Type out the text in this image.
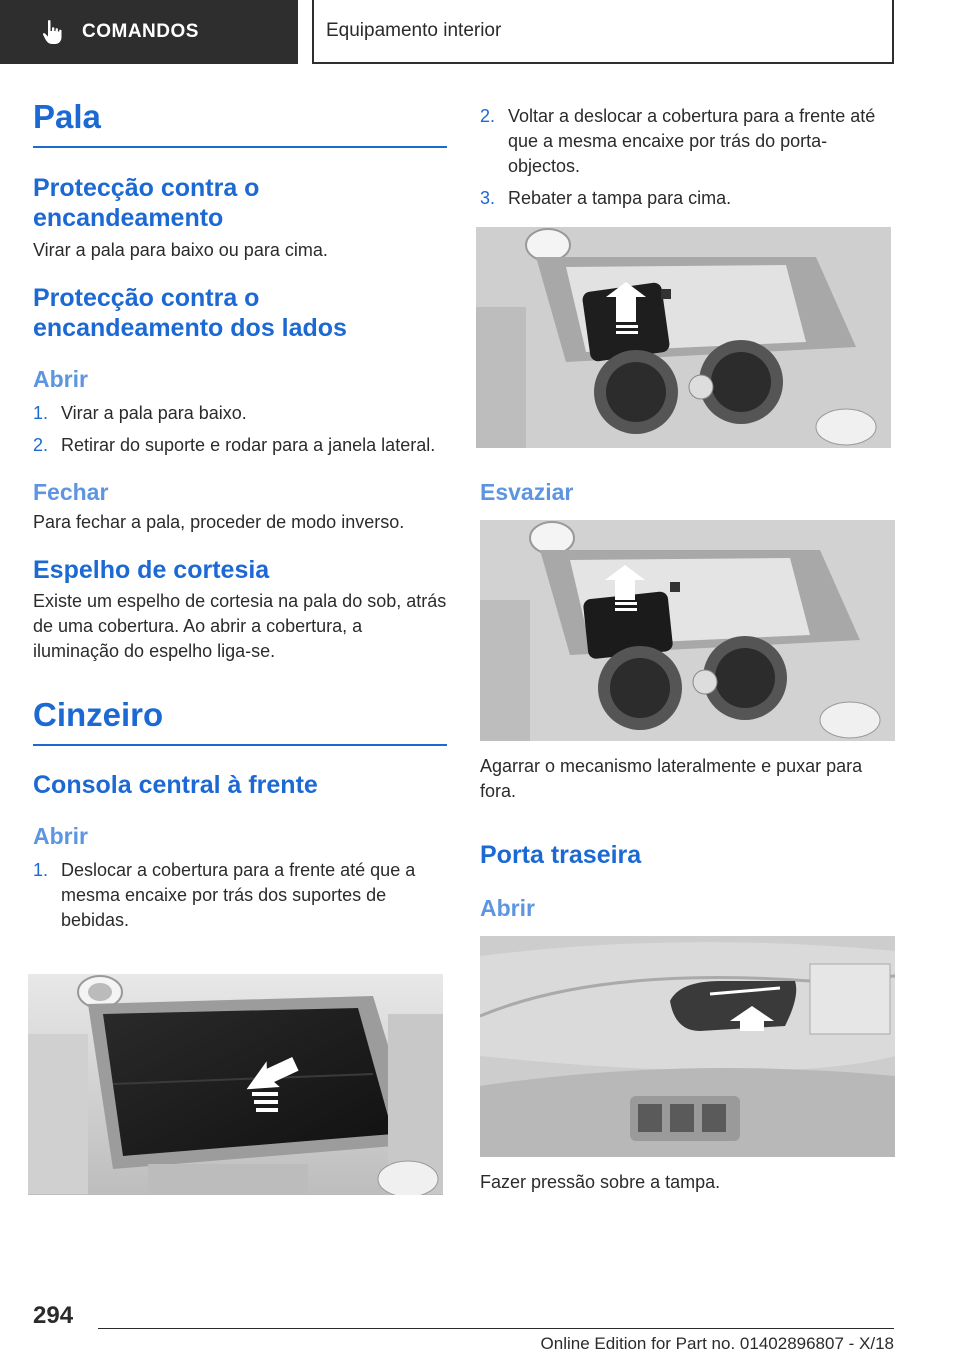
COMANDOS	Equipamento interior
Pala
Protecção contra o encandeamento

Virar a pala para baixo ou para cima.

Protecção contra o encandeamento dos lados
Abrir
1. Virar a pala para baixo.
2. Retirar do suporte e rodar para a janela lateral.
Fechar

Para fechar a pala, proceder de modo inverso.

Espelho de cortesia

Existe um espelho de cortesia na pala do sob, atrás de uma cobertura. Ao abrir a cobertura, a iluminação do espelho liga-se.

Cinzeiro
Consola central à frente
Abrir
1. Deslocar a cobertura para a frente até que a mesma encaixe por trás dos suportes de bebidas.
2. Voltar a deslocar a cobertura para a frente até que a mesma encaixe por trás do porta-objectos.
3. Rebater a tampa para cima.
Esvaziar

Agarrar o mecanismo lateralmente e puxar para fora.

Porta traseira
Abrir

Fazer pressão sobre a tampa.

294
Online Edition for Part no. 01402896807 - X/18
